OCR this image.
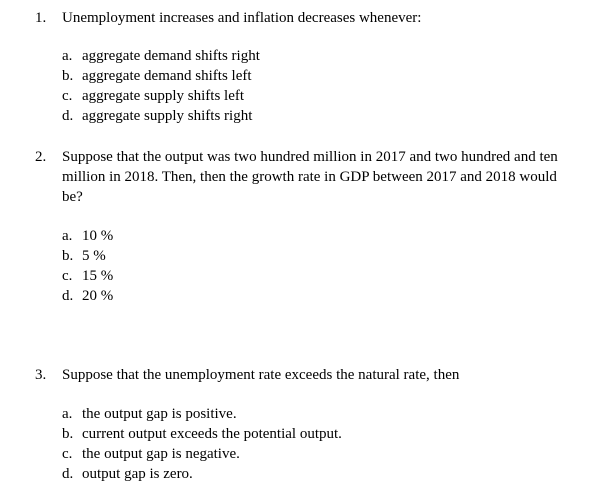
1. Unemployment increases and inflation decreases whenever:
a. aggregate demand shifts right
b. aggregate demand shifts left
c. aggregate supply shifts left
d. aggregate supply shifts right
2. Suppose that the output was two hundred million in 2017 and two hundred and ten
million in 2018. Then, then the growth rate in GDP between 2017 and 2018 would
be?
a. 10 %
b. 5 %
c. 15 %
d. 20 %
3. Suppose that the unemployment rate exceeds the natural rate, then
a. the output gap is positive.
b. current output exceeds the potential output.
c. the output gap is negative.
d. output gap is zero.
